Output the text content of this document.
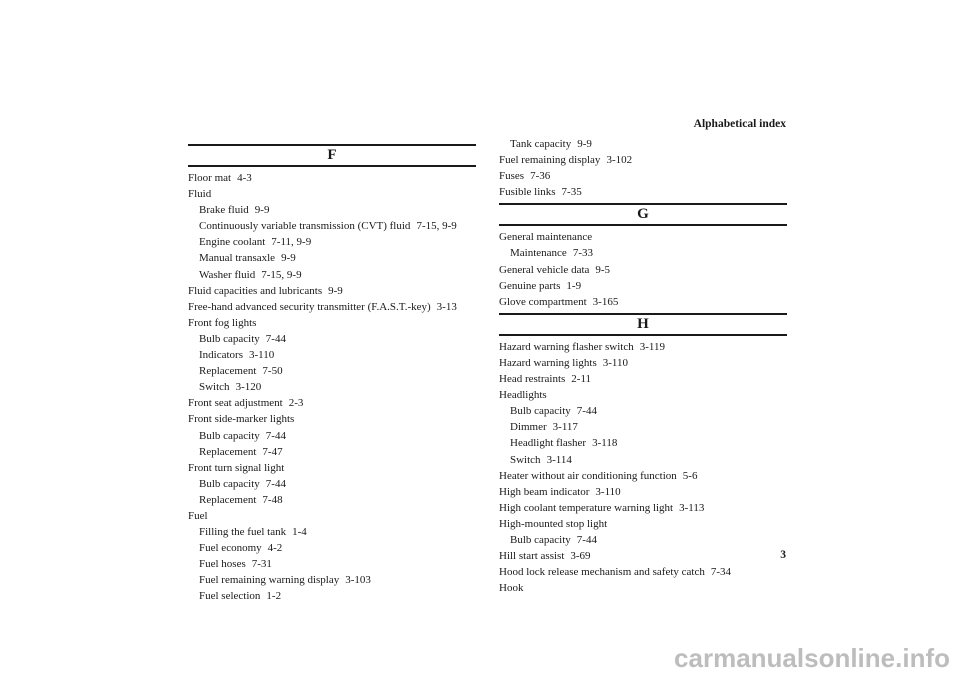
Alphabetical index
F
Floor mat 4-3
Fluid
Brake fluid 9-9
Continuously variable transmission (CVT) fluid 7-15, 9-9
Engine coolant 7-11, 9-9
Manual transaxle 9-9
Washer fluid 7-15, 9-9
Fluid capacities and lubricants 9-9
Free-hand advanced security transmitter (F.A.S.T.-key) 3-13
Front fog lights
Bulb capacity 7-44
Indicators 3-110
Replacement 7-50
Switch 3-120
Front seat adjustment 2-3
Front side-marker lights
Bulb capacity 7-44
Replacement 7-47
Front turn signal light
Bulb capacity 7-44
Replacement 7-48
Fuel
Filling the fuel tank 1-4
Fuel economy 4-2
Fuel hoses 7-31
Fuel remaining warning display 3-103
Fuel selection 1-2
Tank capacity 9-9
Fuel remaining display 3-102
Fuses 7-36
Fusible links 7-35
G
General maintenance
Maintenance 7-33
General vehicle data 9-5
Genuine parts 1-9
Glove compartment 3-165
H
Hazard warning flasher switch 3-119
Hazard warning lights 3-110
Head restraints 2-11
Headlights
Bulb capacity 7-44
Dimmer 3-117
Headlight flasher 3-118
Switch 3-114
Heater without air conditioning function 5-6
High beam indicator 3-110
High coolant temperature warning light 3-113
High-mounted stop light
Bulb capacity 7-44
Hill start assist 3-69
Hood lock release mechanism and safety catch 7-34
Hook
3
carmanualsonline.info
